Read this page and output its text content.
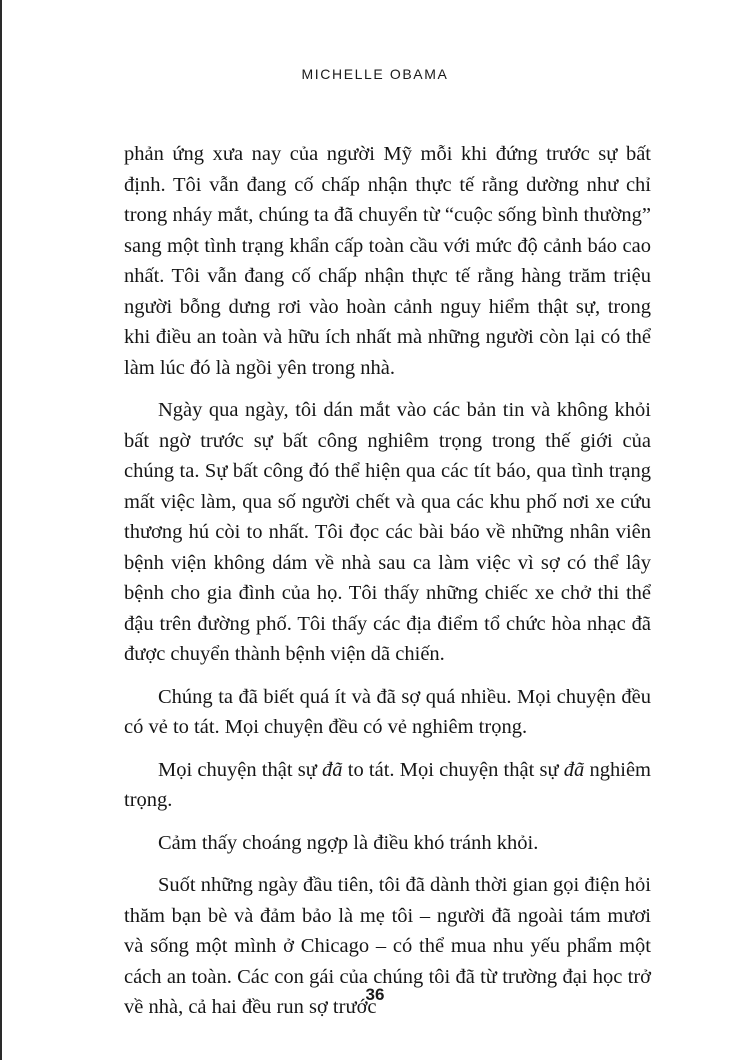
MICHELLE OBAMA

phản ứng xưa nay của người Mỹ mỗi khi đứng trước sự bất định. Tôi vẫn đang cố chấp nhận thực tế rằng dường như chỉ trong nháy mắt, chúng ta đã chuyển từ “cuộc sống bình thường” sang một tình trạng khẩn cấp toàn cầu với mức độ cảnh báo cao nhất. Tôi vẫn đang cố chấp nhận thực tế rằng hàng trăm triệu người bỗng dưng rơi vào hoàn cảnh nguy hiểm thật sự, trong khi điều an toàn và hữu ích nhất mà những người còn lại có thể làm lúc đó là ngồi yên trong nhà.

Ngày qua ngày, tôi dán mắt vào các bản tin và không khỏi bất ngờ trước sự bất công nghiêm trọng trong thế giới của chúng ta. Sự bất công đó thể hiện qua các tít báo, qua tình trạng mất việc làm, qua số người chết và qua các khu phố nơi xe cứu thương hú còi to nhất. Tôi đọc các bài báo về những nhân viên bệnh viện không dám về nhà sau ca làm việc vì sợ có thể lây bệnh cho gia đình của họ. Tôi thấy những chiếc xe chở thi thể đậu trên đường phố. Tôi thấy các địa điểm tổ chức hòa nhạc đã được chuyển thành bệnh viện dã chiến.

Chúng ta đã biết quá ít và đã sợ quá nhiều. Mọi chuyện đều có vẻ to tát. Mọi chuyện đều có vẻ nghiêm trọng.

Mọi chuyện thật sự đã to tát. Mọi chuyện thật sự đã nghiêm trọng.

Cảm thấy choáng ngợp là điều khó tránh khỏi.

Suốt những ngày đầu tiên, tôi đã dành thời gian gọi điện hỏi thăm bạn bè và đảm bảo là mẹ tôi – người đã ngoài tám mươi và sống một mình ở Chicago – có thể mua nhu yếu phẩm một cách an toàn. Các con gái của chúng tôi đã từ trường đại học trở về nhà, cả hai đều run sợ trước

36
